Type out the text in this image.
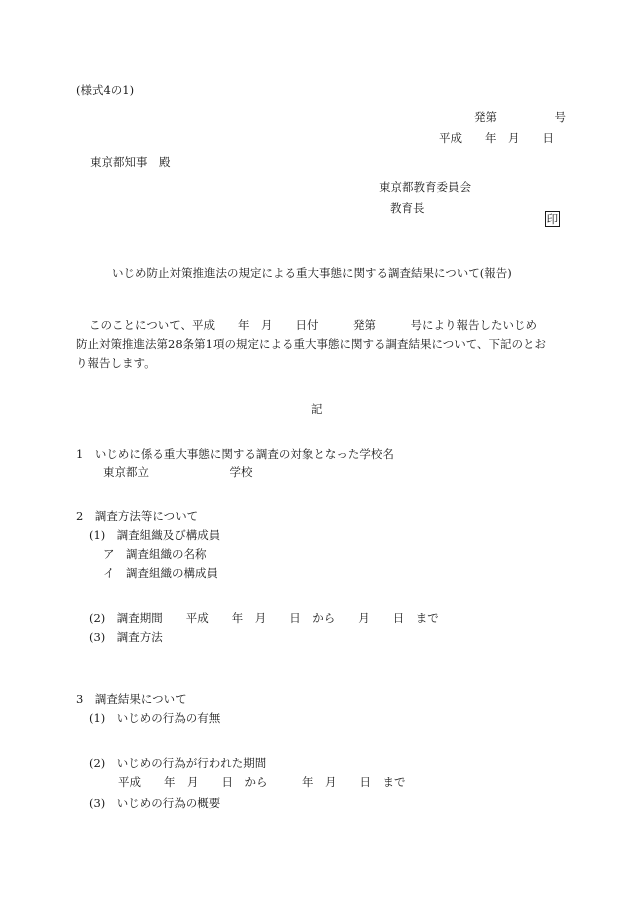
(様式4の1)
発第　　　　　号
平成　　年　月　　日
東京都知事　殿
東京都教育委員会
教育長

印

いじめ防止対策推進法の規定による重大事態に関する調査結果について(報告)
このことについて、平成　　年　月　　日付　　　発第　　　号により報告したいじめ
防止対策推進法第28条第1項の規定による重大事態に関する調査結果について、下記のとお
り報告します。
記
1　いじめに係る重大事態に関する調査の対象となった学校名
東京都立　　　　　　　学校
2　調査方法等について
(1)　調査組織及び構成員
ア　調査組織の名称
イ　調査組織の構成員
(2)　調査期間　　平成　　年　月　　日　から　　月　　日　まで
(3)　調査方法
3　調査結果について
(1)　いじめの行為の有無
(2)　いじめの行為が行われた期間
平成　　年　月　　日　から　　　年　月　　日　まで
(3)　いじめの行為の概要
